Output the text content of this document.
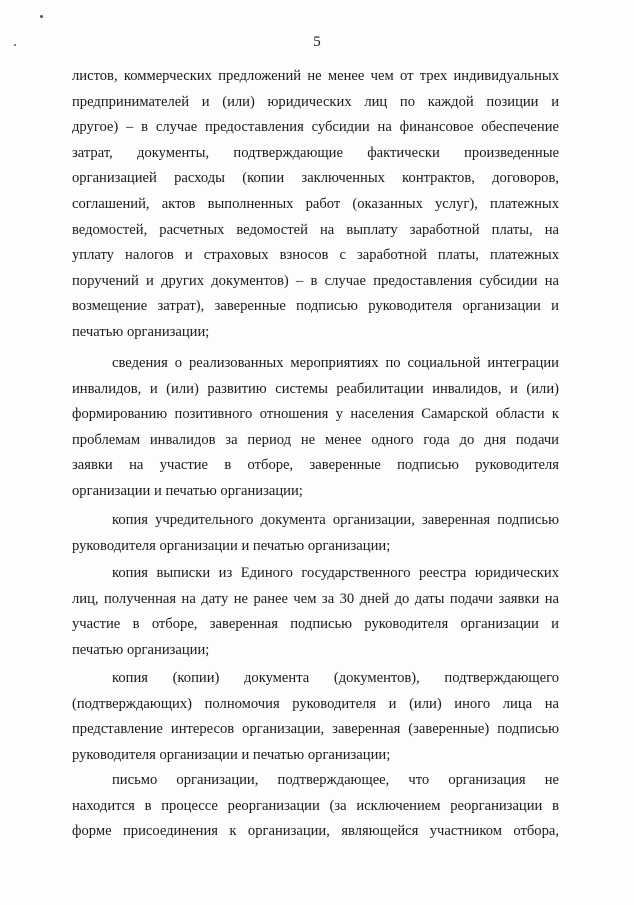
5

листов, коммерческих предложений не менее чем от трех индивидуальных
предпринимателей и (или) юридических лиц по каждой позиции и
другое) – в случае предоставления субсидии на финансовое обеспечение
затрат, документы, подтверждающие фактически произведенные
организацией расходы (копии заключенных контрактов, договоров,
соглашений, актов выполненных работ (оказанных услуг), платежных
ведомостей, расчетных ведомостей на выплату заработной платы, на
уплату налогов и страховых взносов с заработной платы, платежных
поручений и других документов) – в случае предоставления субсидии на
возмещение затрат), заверенные подписью руководителя организации и
печатью организации;

сведения о реализованных мероприятиях по социальной интеграции
инвалидов, и (или) развитию системы реабилитации инвалидов, и (или)
формированию позитивного отношения у населения Самарской области к
проблемам инвалидов за период не менее одного года до дня подачи
заявки на участие в отборе, заверенные подписью руководителя
организации и печатью организации;

копия учредительного документа организации, заверенная подписью
руководителя организации и печатью организации;

копия выписки из Единого государственного реестра юридических
лиц, полученная на дату не ранее чем за 30 дней до даты подачи заявки на
участие в отборе, заверенная подписью руководителя организации и
печатью организации;

копия (копии) документа (документов), подтверждающего
(подтверждающих) полномочия руководителя и (или) иного лица на
представление интересов организации, заверенная (заверенные) подписью
руководителя организации и печатью организации;

письмо организации, подтверждающее, что организация не
находится в процессе реорганизации (за исключением реорганизации в
форме присоединения к организации, являющейся участником отбора,
